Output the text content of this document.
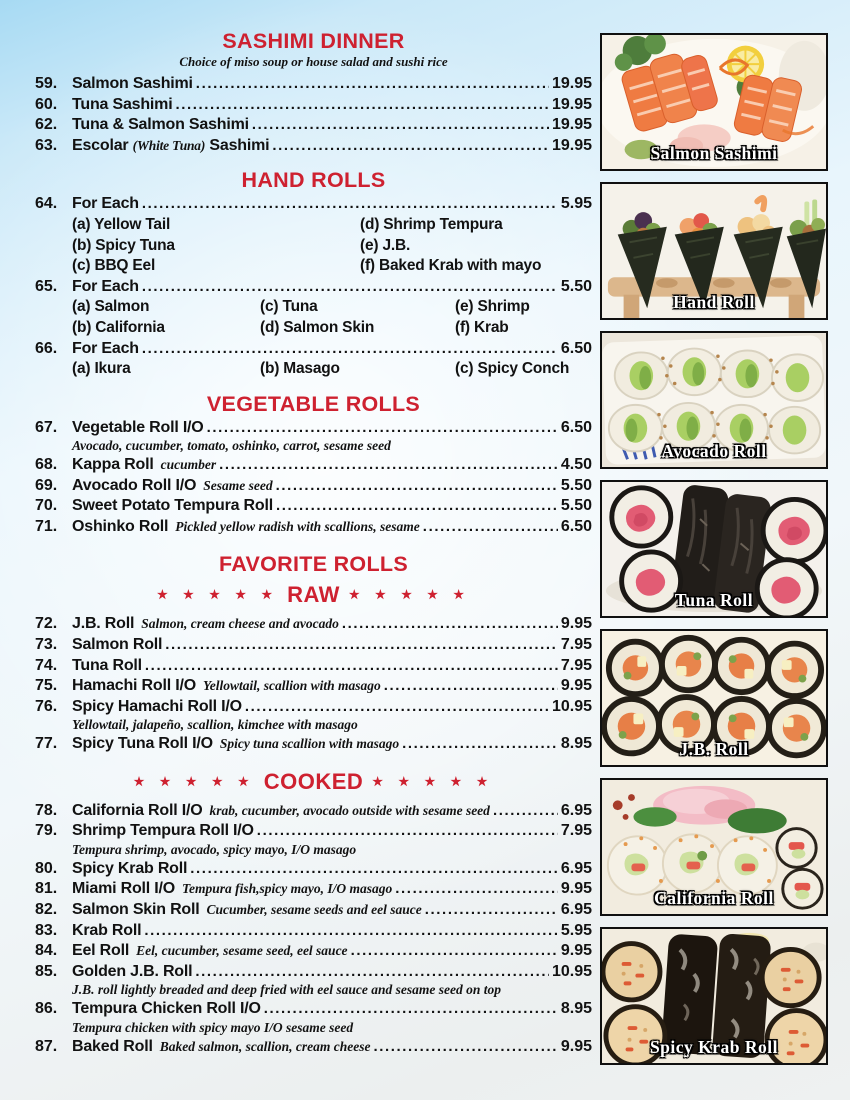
SASHIMI DINNER
Choice of miso soup or house salad and sushi rice
59. Salmon Sashimi .....	19.95
60. Tuna Sashimi .....	19.95
62. Tuna & Salmon Sashimi .....	19.95
63. Escolar (White Tuna) Sashimi .....	19.95
HAND ROLLS
64. For Each .....	5.95
(a) Yellow Tail	(d) Shrimp Tempura
(b) Spicy Tuna	(e) J.B.
(c) BBQ Eel	(f) Baked Krab with mayo
65. For Each .....	5.50
(a) Salmon	(c) Tuna	(e) Shrimp
(b) California	(d) Salmon Skin	(f) Krab
66. For Each .....	6.50
(a) Ikura	(b) Masago	(c) Spicy Conch
VEGETABLE ROLLS
67. Vegetable Roll I/O .....	6.50
Avocado, cucumber, tomato, oshinko, carrot, sesame seed
68. Kappa Roll cucumber .....	4.50
69. Avocado Roll I/O Sesame seed .....	5.50
70. Sweet Potato Tempura Roll .....	5.50
71. Oshinko Roll Pickled yellow radish with scallions, sesame .....	6.50
FAVORITE ROLLS
★ ★ ★ ★ ★ RAW ★ ★ ★ ★ ★
72. J.B. Roll Salmon, cream cheese and avocado .....	9.95
73. Salmon Roll .....	7.95
74. Tuna Roll .....	7.95
75. Hamachi Roll I/O Yellowtail, scallion with masago .....	9.95
76. Spicy Hamachi Roll I/O .....	10.95
Yellowtail, jalapeño, scallion, kimchee with masago
77. Spicy Tuna Roll I/O Spicy tuna scallion with masago .....	8.95
★ ★ ★ ★ ★ COOKED ★ ★ ★ ★ ★
78. California Roll I/O krab, cucumber, avocado outside with sesame seed .....	6.95
79. Shrimp Tempura Roll I/O .....	7.95
Tempura shrimp, avocado, spicy mayo, I/O masago
80. Spicy Krab Roll .....	6.95
81. Miami Roll I/O Tempura fish,spicy mayo, I/O masago .....	9.95
82. Salmon Skin Roll Cucumber, sesame seeds and eel sauce .....	6.95
83. Krab Roll .....	5.95
84. Eel Roll Eel, cucumber, sesame seed, eel sauce .....	9.95
85. Golden J.B. Roll .....	10.95
J.B. roll lightly breaded and deep fried with eel sauce and sesame seed on top
86. Tempura Chicken Roll I/O .....	8.95
Tempura chicken with spicy mayo I/O sesame seed
87. Baked Roll Baked salmon, scallion, cream cheese .....	9.95
Salmon Sashimi
Hand Roll
Avocado Roll
Tuna Roll
J.B. Roll
California Roll
Spicy Krab Roll
